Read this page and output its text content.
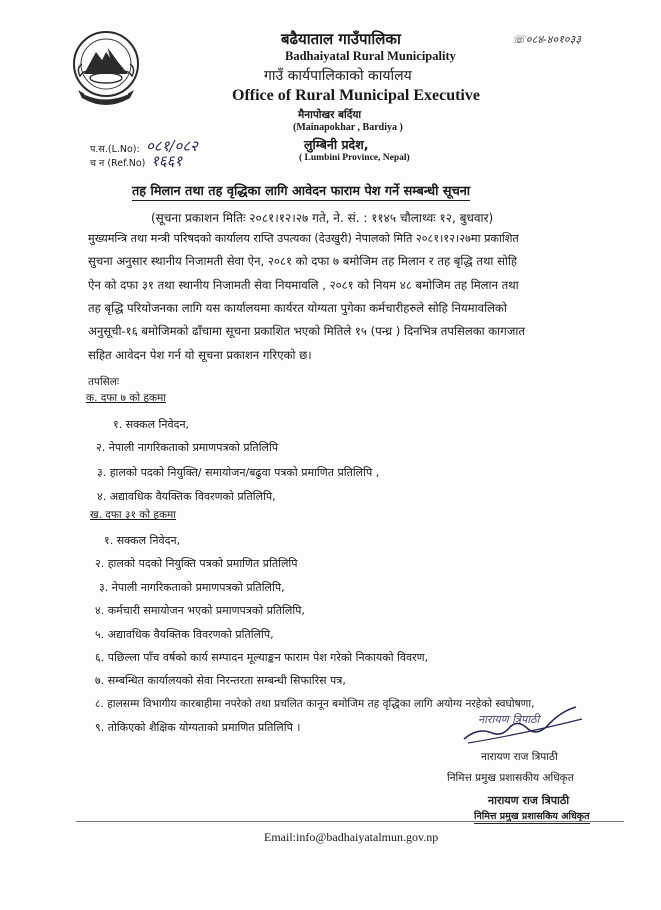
बढैयाताल गाउँपालिका
Badhaiyatal Rural Municipality
गाउँ कार्यपालिकाको कार्यालय
Office of Rural Municipal Executive
मैनापोखर बर्दिया
(Mainapokhar , Bardiya )
लुम्बिनी प्रदेश,
( Lumbini Province, Nepal)
☏०८४-४०१०३३
प.स.(L.No): ०८१/०८२
च न (Ref.No) १६६१
तह मिलान तथा तह वृद्धिका लागि आवेदन फाराम पेश गर्ने सम्बन्धी सूचना
(सूचना प्रकाशन मितिः २०८१।१२।२७ गते, ने. सं. : ११४५ चौलाथ्वः १२, बुधवार)
मुख्यमन्त्रि तथा मन्त्री परिषदको कार्यालय राप्ति उपत्यका (देउखुरी) नेपालको मिति २०८१।१२।२७मा प्रकाशित
सुचना अनुसार स्थानीय निजामती सेवा ऐन, २०८१ को दफा ७ बमोजिम तह मिलान र तह बृद्धि तथा सोहि
ऐन को दफा ३१ तथा स्थानीय निजामती सेवा नियमावलि , २०८१ को नियम ४८ बमोजिम तह मिलान तथा
तह बृद्धि परियोजनका लागि यस कार्यालयमा कार्यरत योग्यता पुगेका कर्मचारीहरुले सोहि नियमावलिको
अनुसूची-१६ बमोजिमको ढाँचामा सूचना प्रकाशित भएको मितिले १५ (पन्ध्र ) दिनभित्र तपसिलका कागजात
सहित आवेदन पेश गर्न यो सूचना प्रकाशन गरिएको छ।
तपसिलः
क. दफा ७ को हकमा
१. सक्कल निवेदन,
२. नेपाली नागरिकताको प्रमाणपत्रको प्रतिलिपि
३. हालको पदको नियुक्ति/ समायोजन/बढुवा पत्रको प्रमाणित प्रतिलिपि ,
४. अद्यावधिक वैयक्तिक विवरणको प्रतिलिपि,
ख. दफा ३१ को हकमा
१. सक्कल निवेदन,
२. हालको पदको नियुक्ति पत्रको प्रमाणित प्रतिलिपि
३. नेपाली नागरिकताको प्रमाणपत्रको प्रतिलिपि,
४. कर्मचारी समायोजन भएको प्रमाणपत्रको प्रतिलिपि,
५. अद्यावधिक वैयक्तिक विवरणको प्रतिलिपि,
६. पछिल्ला पाँच वर्षको कार्य सम्पादन मूल्याङ्कन फाराम पेश गरेको निकायको विवरण,
७. सम्बन्धित कार्यालयको सेवा निरन्तरता सम्बन्धी सिफारिस पत्र,
८. हालसम्म विभागीय कारबाहीमा नपरेको तथा प्रचलित कानून बमोजिम तह वृद्धिका लागि अयोग्य नरहेको स्वघोषणा,
९. तोकिएको शैक्षिक योग्यताको प्रमाणित प्रतिलिपि ।
नारायण त्रिपाठी
नारायण राज त्रिपाठी
निमित्त प्रमुख प्रशासकीय अधिकृत
नारायण राज त्रिपाठी
निमित्त प्रमुख प्रशासकिय अधिकृत
Email:info@badhaiyatalmun.gov.np
